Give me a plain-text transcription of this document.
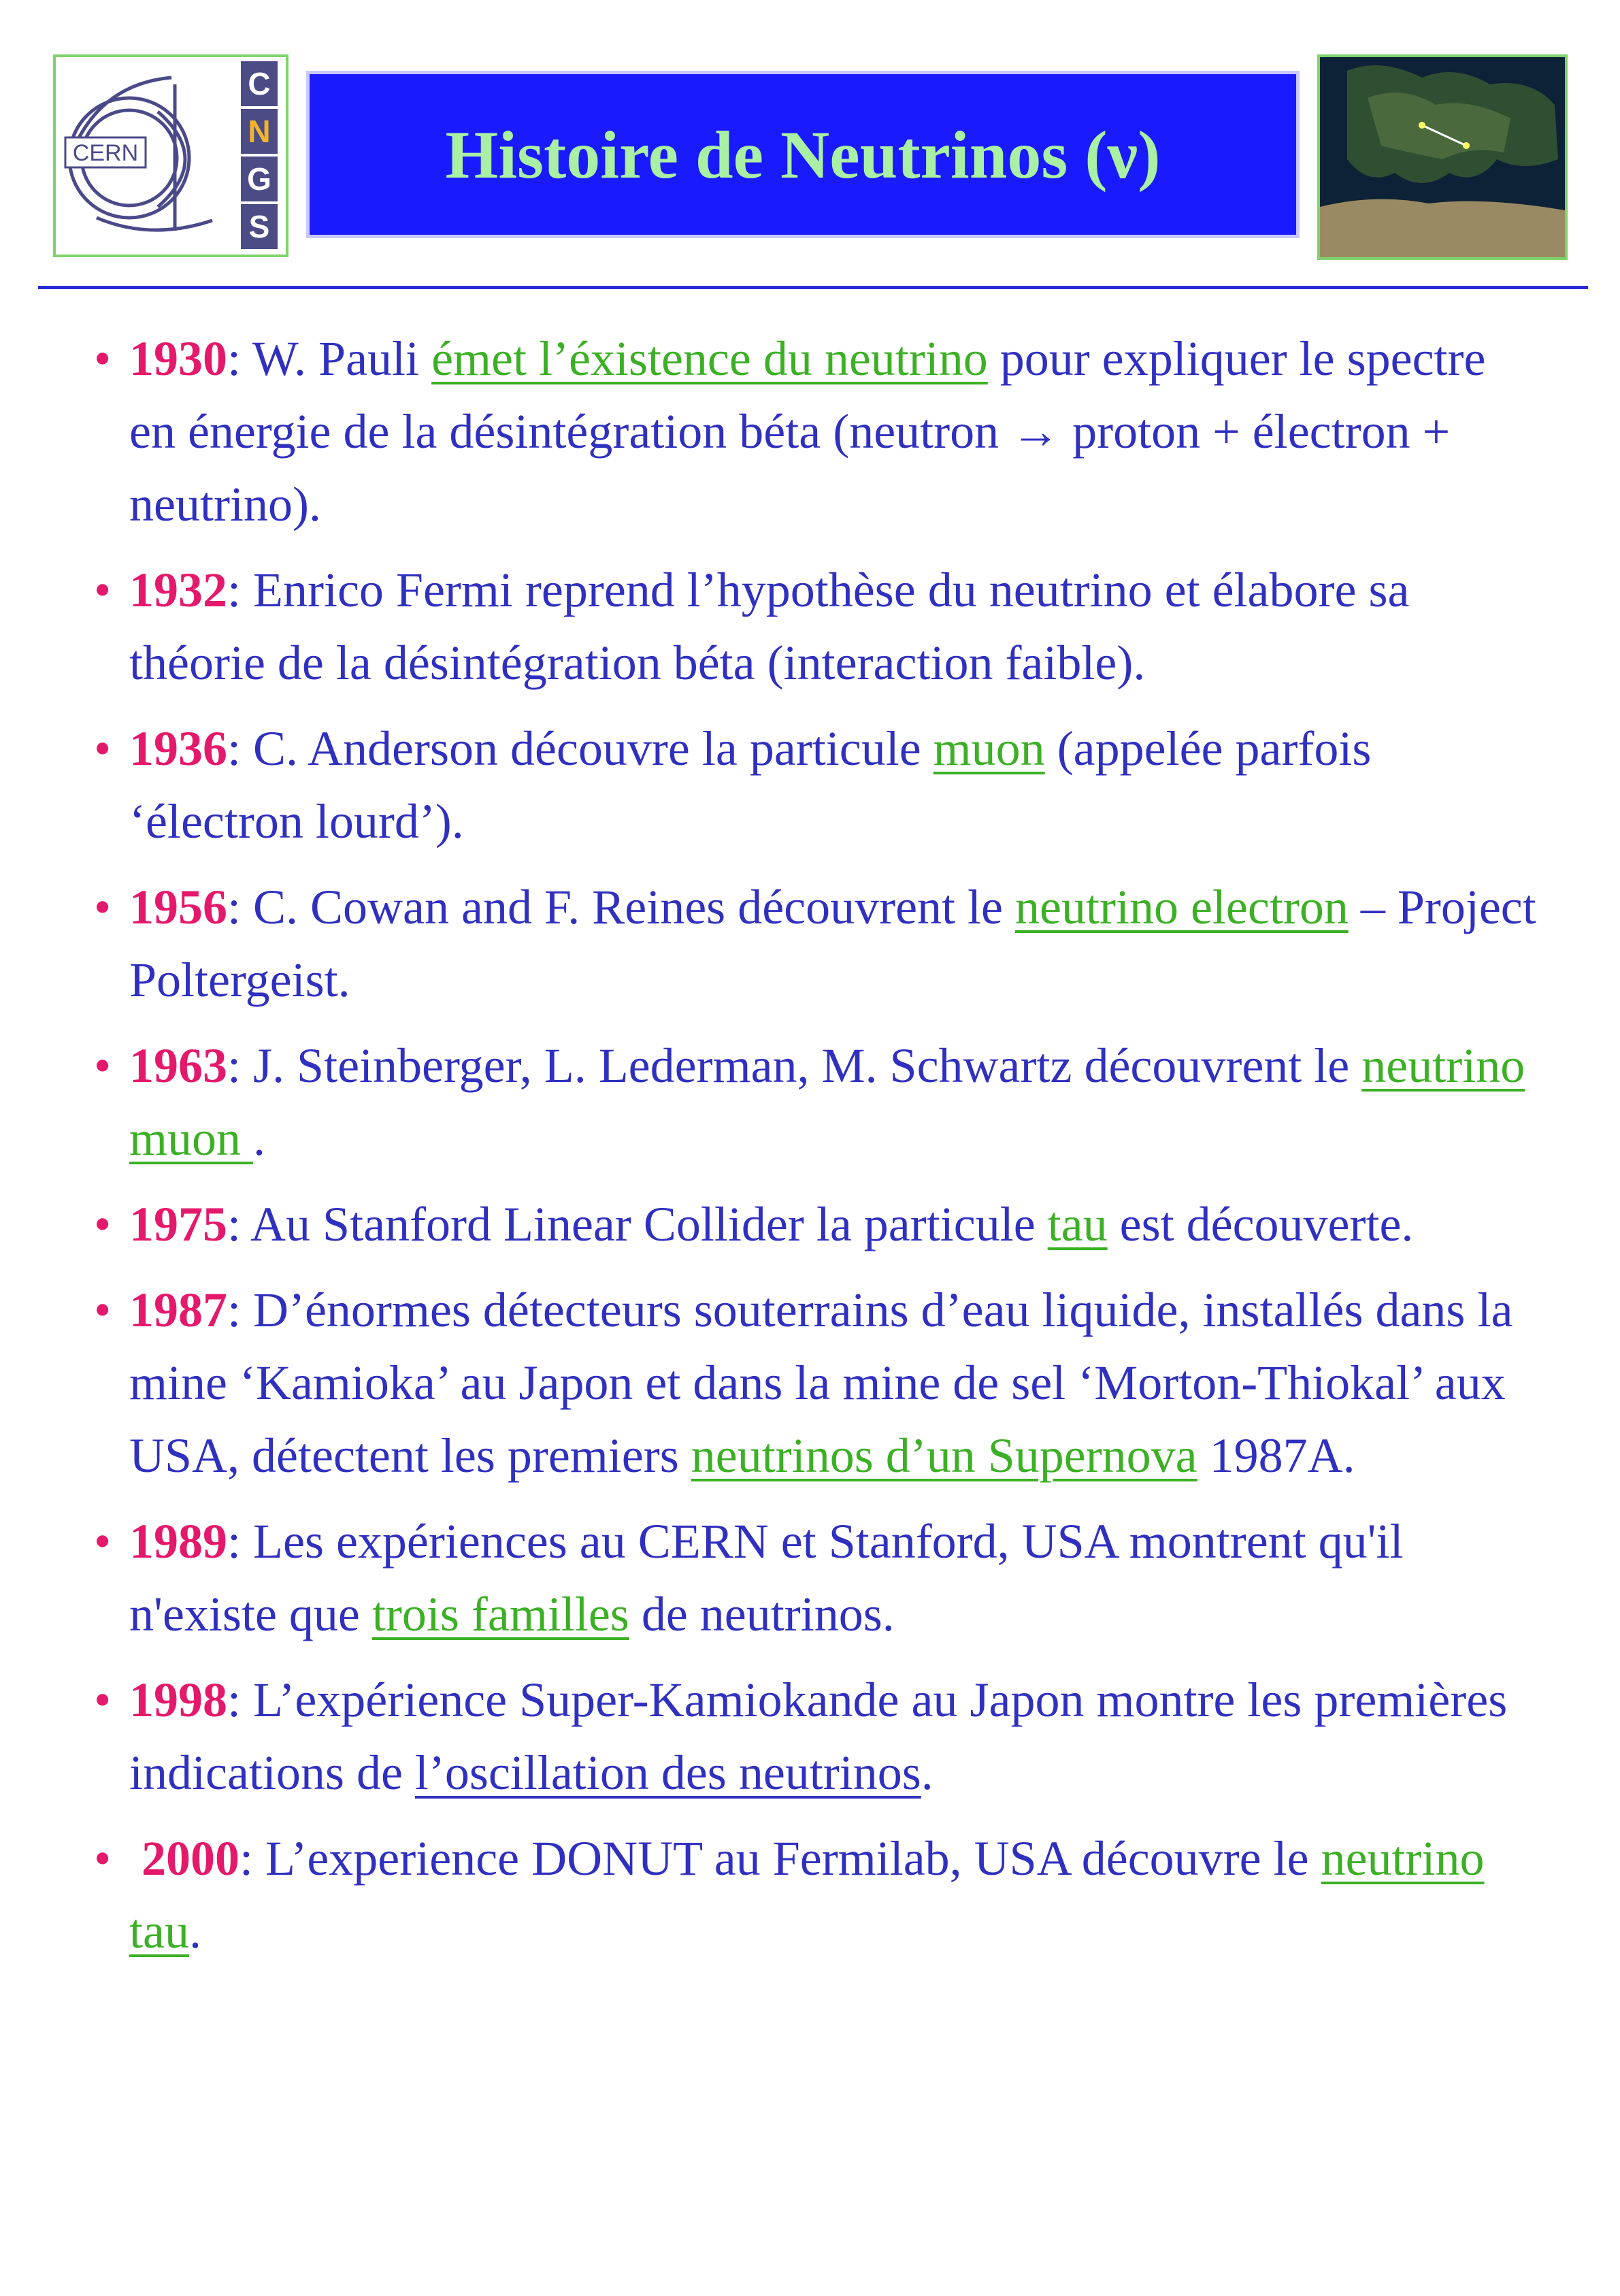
CERN
C
N
G
S
Histoire de Neutrinos (ν)
• 1930: W. Pauli émet l’éxistence du neutrino pour expliquer le spectre en énergie de la désintégration béta (neutron → proton + électron + neutrino).
• 1932: Enrico Fermi reprend l’hypothèse du neutrino et élabore sa théorie de la désintégration béta (interaction faible).
• 1936: C. Anderson découvre la particule muon (appelée parfois ‘électron lourd’).
• 1956: C. Cowan and F. Reines découvrent le neutrino electron – Project Poltergeist.
• 1963: J. Steinberger, L. Lederman, M. Schwartz découvrent le neutrino muon .
• 1975: Au Stanford Linear Collider la particule tau est découverte.
• 1987: D’énormes détecteurs souterrains d’eau liquide, installés dans la mine ‘Kamioka’ au Japon et dans la mine de sel ‘Morton-Thiokal’ aux USA, détectent les premiers neutrinos d’un Supernova 1987A.
• 1989: Les expériences au CERN et Stanford, USA montrent qu'il n'existe que trois familles de neutrinos.
• 1998: L’expérience Super-Kamiokande au Japon montre les premières indications de l’oscillation des neutrinos.
• 2000: L’experience DONUT au Fermilab, USA découvre le neutrino tau.
